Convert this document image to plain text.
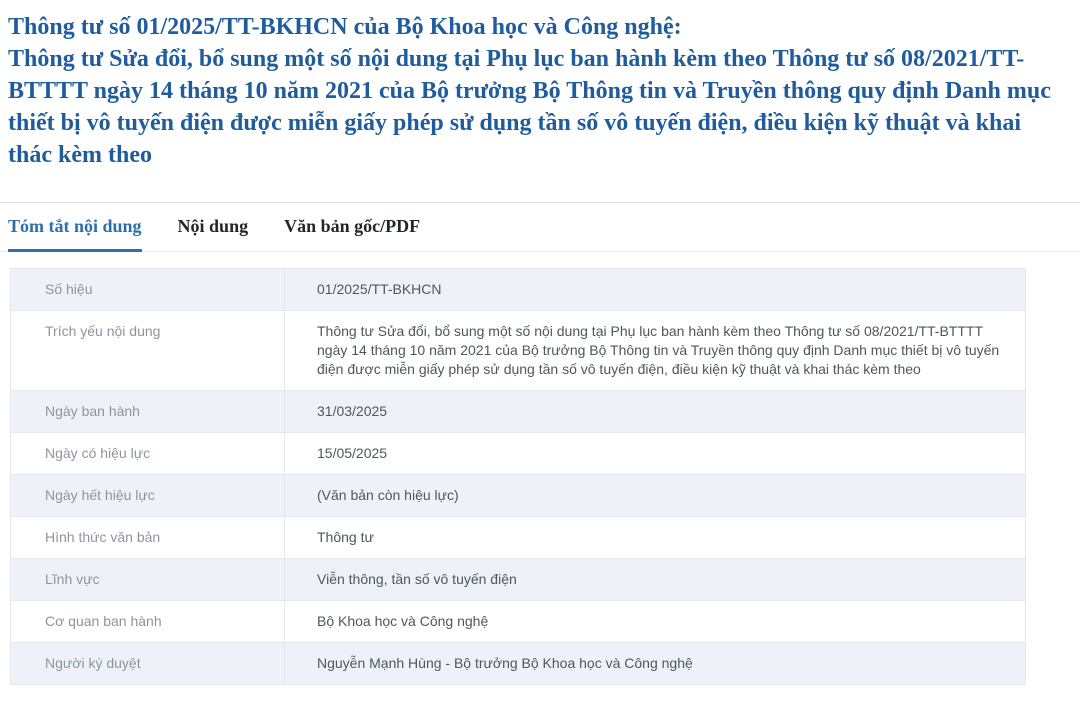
Thông tư số 01/2025/TT-BKHCN của Bộ Khoa học và Công nghệ:
Thông tư Sửa đổi, bổ sung một số nội dung tại Phụ lục ban hành kèm theo Thông tư số 08/2021/TT-BTTTT ngày 14 tháng 10 năm 2021 của Bộ trưởng Bộ Thông tin và Truyền thông quy định Danh mục thiết bị vô tuyến điện được miễn giấy phép sử dụng tần số vô tuyến điện, điều kiện kỹ thuật và khai thác kèm theo
Tóm tắt nội dung Nội dung Văn bản gốc/PDF
Số hiệu	01/2025/TT-BKHCN
Trích yếu nội dung	Thông tư Sửa đổi, bổ sung một số nội dung tại Phụ lục ban hành kèm theo Thông tư số 08/2021/TT-BTTTT ngày 14 tháng 10 năm 2021 của Bộ trưởng Bộ Thông tin và Truyền thông quy định Danh mục thiết bị vô tuyến điện được miễn giấy phép sử dụng tần số vô tuyến điện, điều kiện kỹ thuật và khai thác kèm theo
Ngày ban hành	31/03/2025
Ngày có hiệu lực	15/05/2025
Ngày hết hiệu lực	(Văn bản còn hiệu lực)
Hình thức văn bản	Thông tư
Lĩnh vực	Viễn thông, tần số vô tuyến điện
Cơ quan ban hành	Bộ Khoa học và Công nghệ
Người ký duyệt	Nguyễn Mạnh Hùng - Bộ trưởng Bộ Khoa học và Công nghệ
